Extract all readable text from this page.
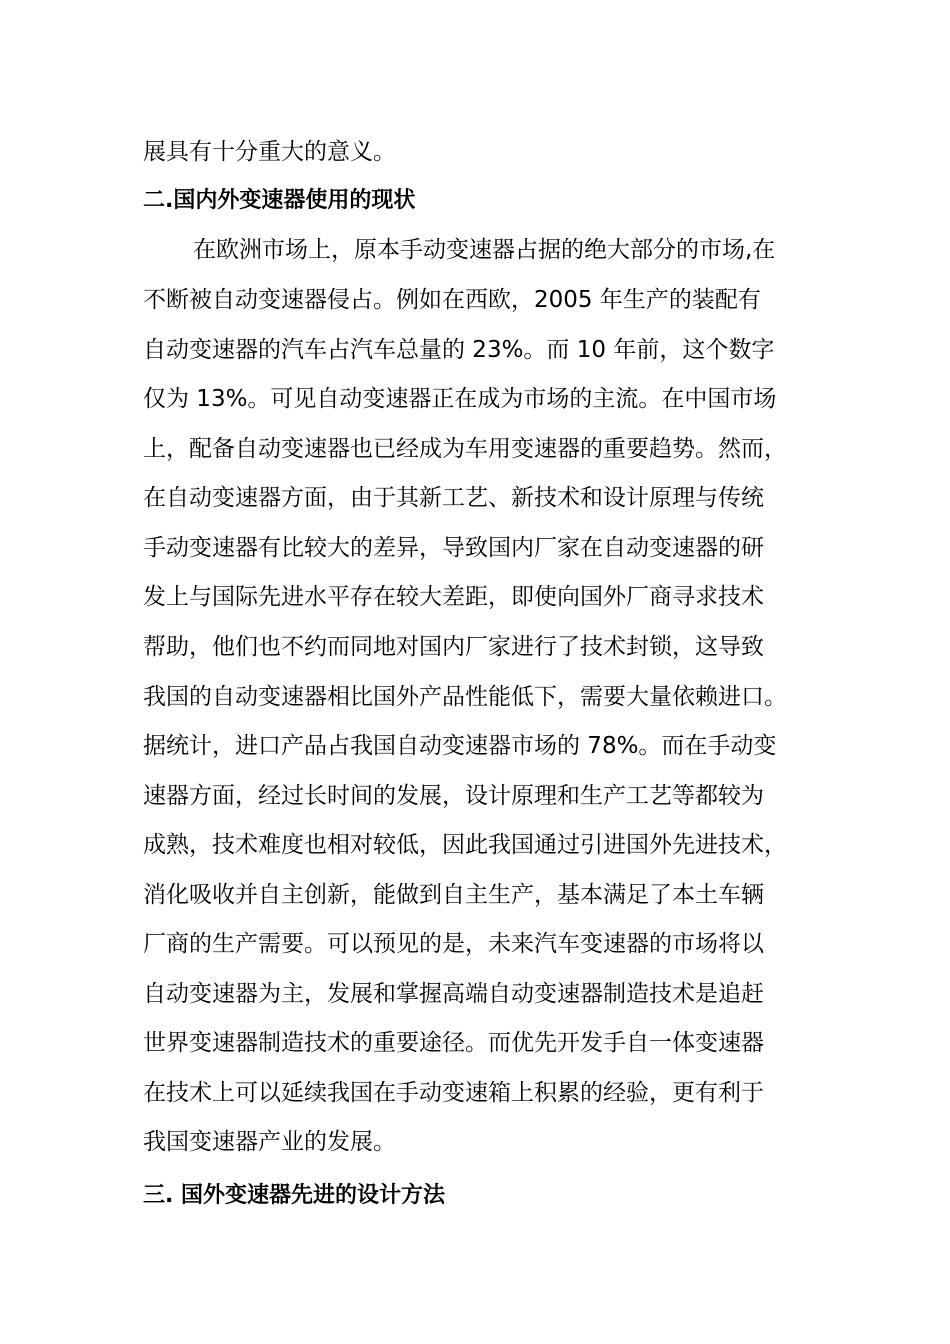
展具有十分重大的意义。
二.国内外变速器使用的现状
在欧洲市场上，原本手动变速器占据的绝大部分的市场,在
不断被自动变速器侵占。例如在西欧，2005 年生产的装配有
自动变速器的汽车占汽车总量的 23%。而 10 年前，这个数字
仅为 13%。可见自动变速器正在成为市场的主流。在中国市场
上，配备自动变速器也已经成为车用变速器的重要趋势。然而，
在自动变速器方面，由于其新工艺、新技术和设计原理与传统
手动变速器有比较大的差异，导致国内厂家在自动变速器的研
发上与国际先进水平存在较大差距，即使向国外厂商寻求技术
帮助，他们也不约而同地对国内厂家进行了技术封锁，这导致
我国的自动变速器相比国外产品性能低下，需要大量依赖进口。
据统计，进口产品占我国自动变速器市场的 78%。而在手动变
速器方面，经过长时间的发展，设计原理和生产工艺等都较为
成熟，技术难度也相对较低，因此我国通过引进国外先进技术，
消化吸收并自主创新，能做到自主生产，基本满足了本土车辆
厂商的生产需要。可以预见的是，未来汽车变速器的市场将以
自动变速器为主，发展和掌握高端自动变速器制造技术是追赶
世界变速器制造技术的重要途径。而优先开发手自一体变速器
在技术上可以延续我国在手动变速箱上积累的经验，更有利于
我国变速器产业的发展。
三. 国外变速器先进的设计方法
